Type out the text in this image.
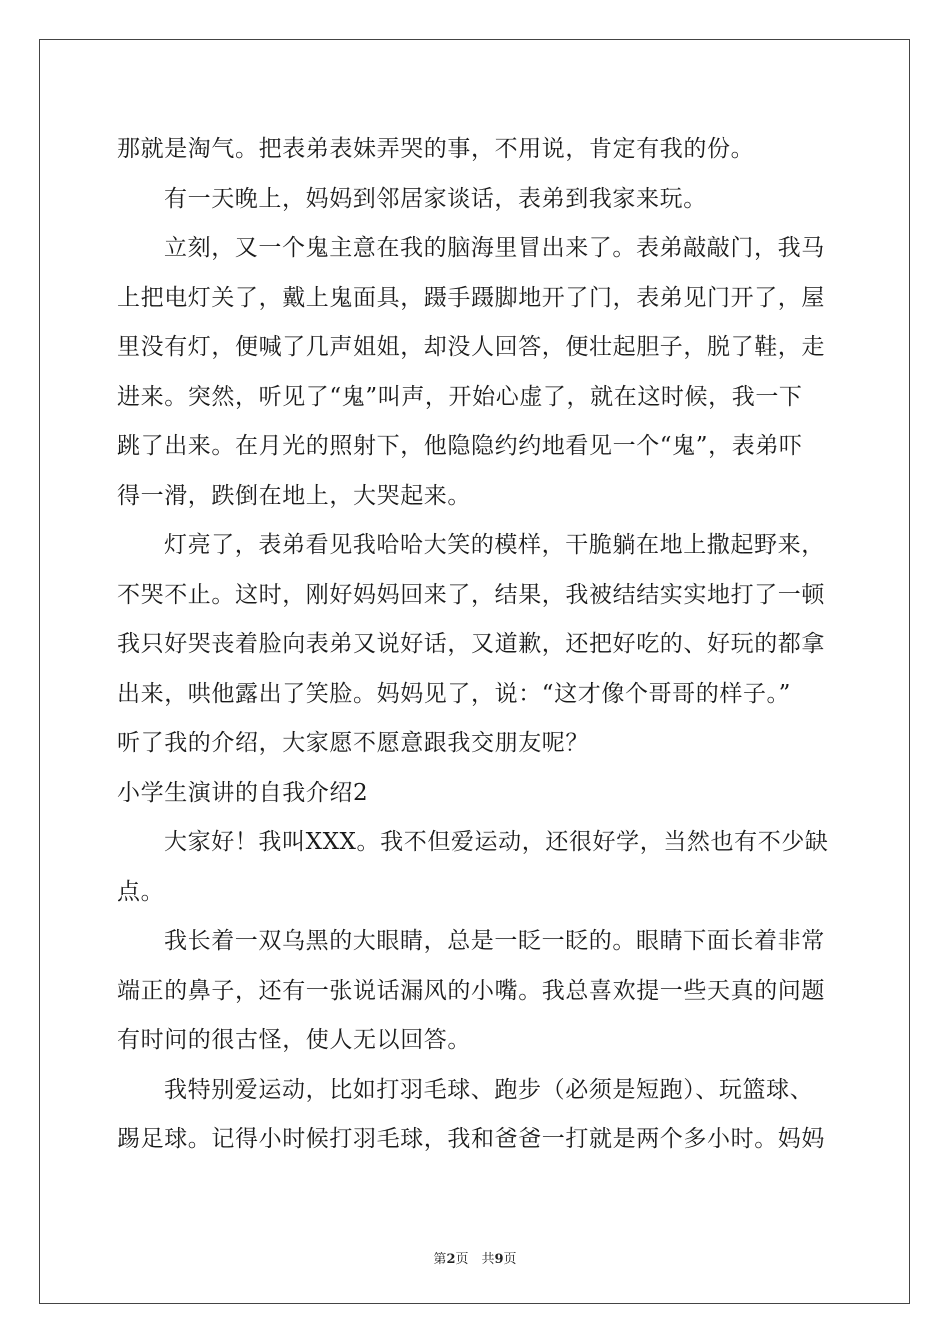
那就是淘气。把表弟表妹弄哭的事，不用说，肯定有我的份。
有一天晚上，妈妈到邻居家谈话，表弟到我家来玩。
立刻，又一个鬼主意在我的脑海里冒出来了。表弟敲敲门，我马
上把电灯关了，戴上鬼面具，蹑手蹑脚地开了门，表弟见门开了，屋
里没有灯，便喊了几声姐姐，却没人回答，便壮起胆子，脱了鞋，走
进来。突然，听见了“鬼”叫声，开始心虚了，就在这时候，我一下
跳了出来。在月光的照射下，他隐隐约约地看见一个“鬼”，表弟吓
得一滑，跌倒在地上，大哭起来。
灯亮了，表弟看见我哈哈大笑的模样，干脆躺在地上撒起野来，
不哭不止。这时，刚好妈妈回来了，结果，我被结结实实地打了一顿
我只好哭丧着脸向表弟又说好话，又道歉，还把好吃的、好玩的都拿
出来，哄他露出了笑脸。妈妈见了，说：“这才像个哥哥的样子。”
听了我的介绍，大家愿不愿意跟我交朋友呢？
小学生演讲的自我介绍2
大家好！我叫XXX。我不但爱运动，还很好学，当然也有不少缺
点。
我长着一双乌黑的大眼睛，总是一眨一眨的。眼睛下面长着非常
端正的鼻子，还有一张说话漏风的小嘴。我总喜欢提一些天真的问题
有时问的很古怪，使人无以回答。
我特别爱运动，比如打羽毛球、跑步（必须是短跑）、玩篮球、
踢足球。记得小时候打羽毛球，我和爸爸一打就是两个多小时。妈妈
第2页　共9页
